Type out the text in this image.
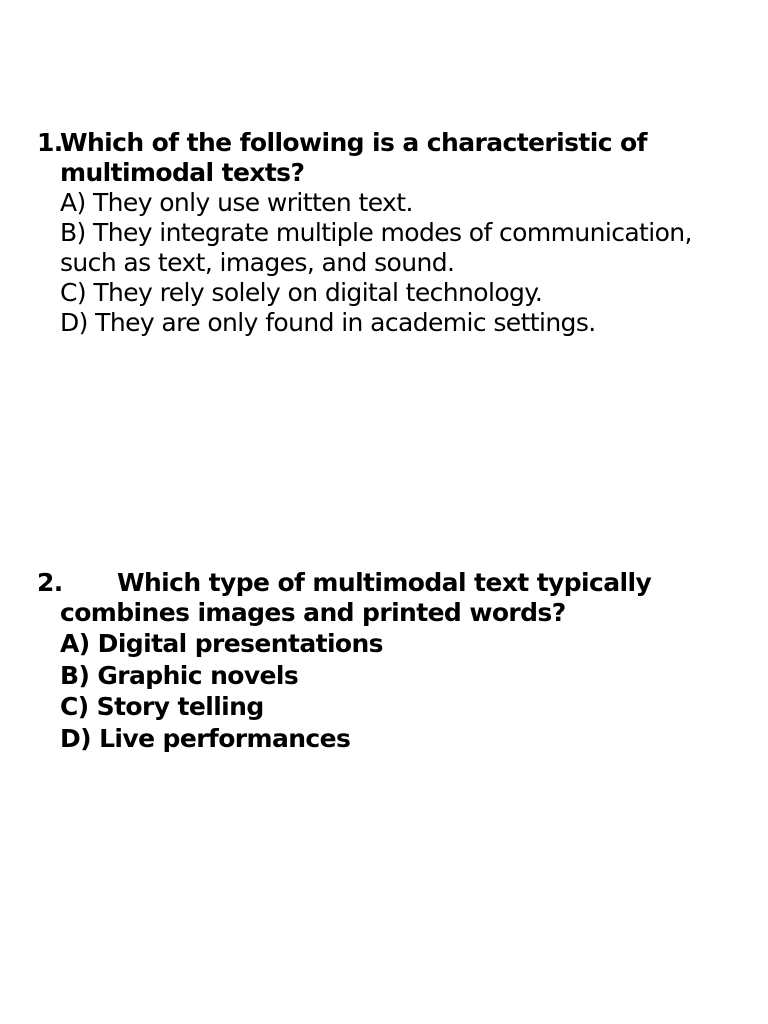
1.Which of the following is a characteristic of multimodal texts?
A) They only use written text.
B) They integrate multiple modes of communication, such as text, images, and sound.
C) They rely solely on digital technology.
D) They are only found in academic settings.
2. Which type of multimodal text typically combines images and printed words?
A) Digital presentations
B) Graphic novels
C) Story telling
D) Live performances
